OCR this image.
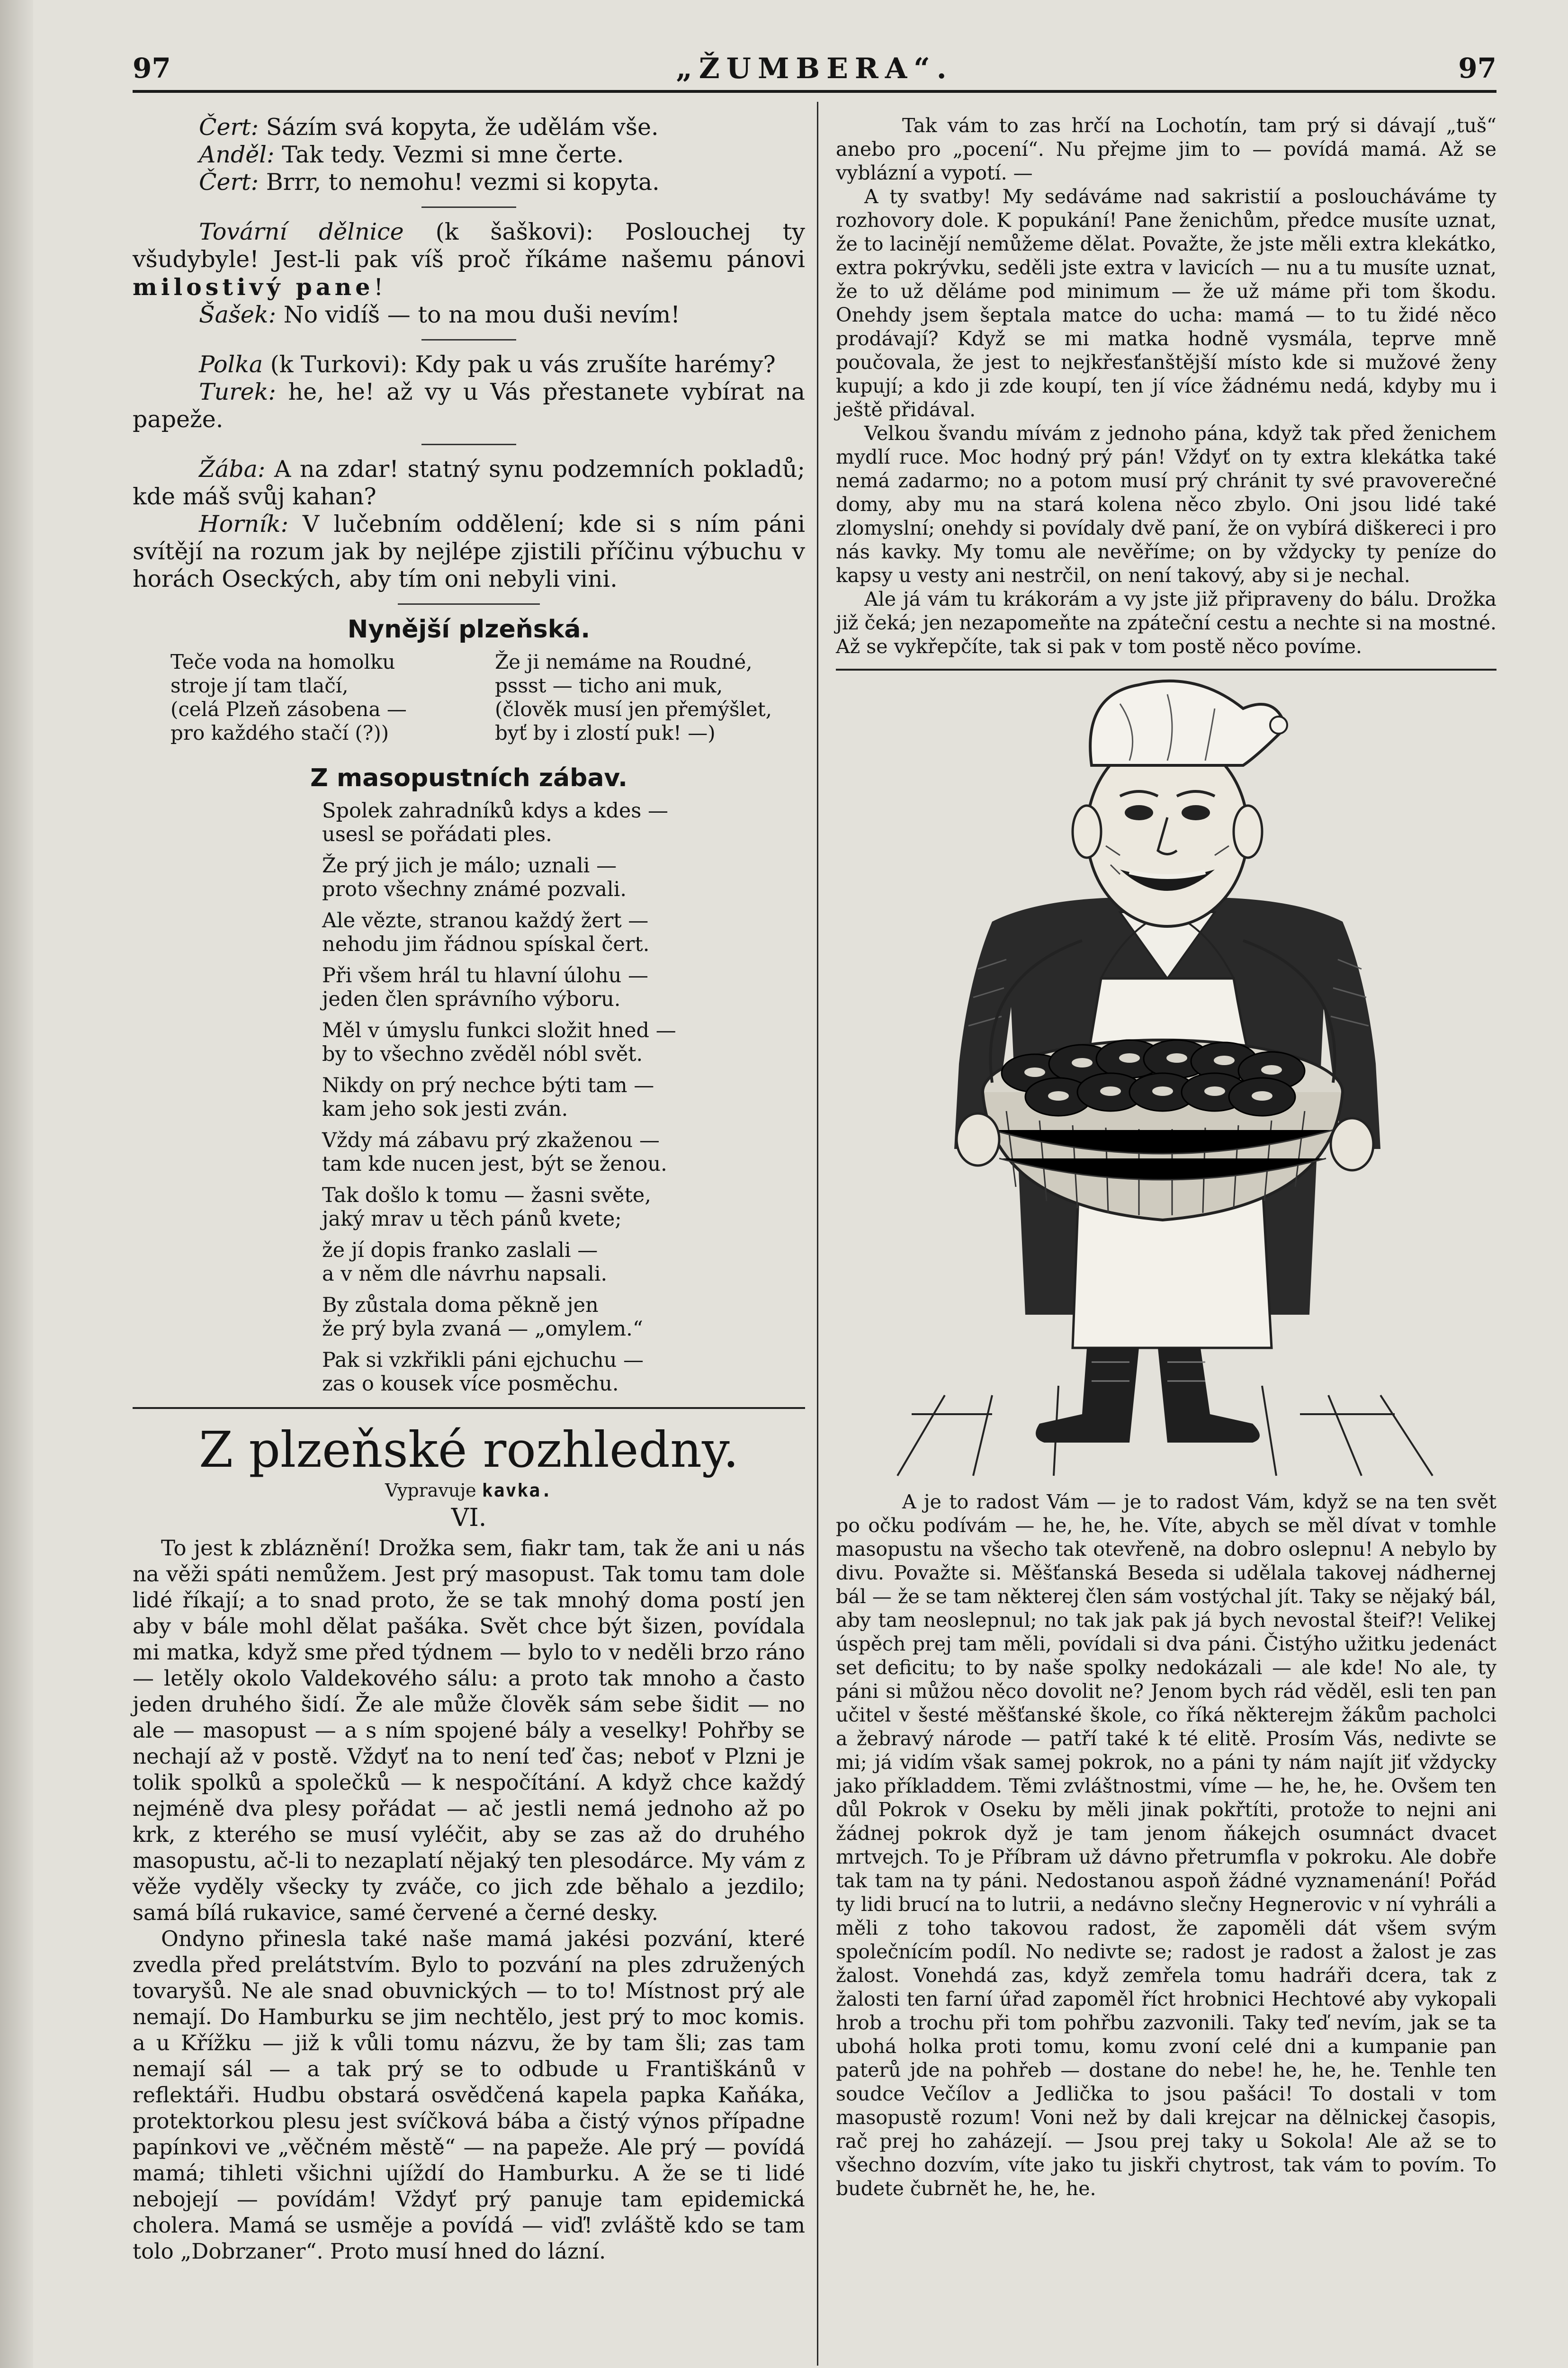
97	„ŽUMBERA“.	97

Čert: Sázím svá kopyta, že udělám vše.

Anděl: Tak tedy. Vezmi si mne čerte.

Čert: Brrr, to nemohu! vezmi si kopyta.

Tovární dělnice (k šaškovi): Poslouchej ty všudybyle! Jest-li pak víš proč říkáme našemu pánovi milostivý pane!

Šašek: No vidíš — to na mou duši nevím!

Polka (k Turkovi): Kdy pak u vás zrušíte harémy?

Turek: he, he! až vy u Vás přestanete vybírat na papeže.

Žába: A na zdar! statný synu podzemních pokladů; kde máš svůj kahan?

Horník: V lučebním oddělení; kde si s ním páni svítějí na rozum jak by nejlépe zjistili příčinu výbuchu v horách Oseckých, aby tím oni nebyli vini.

Nynější plzeňská.
Teče voda na homolku
stroje jí tam tlačí,
(celá Plzeň zásobena —
pro každého stačí (?))
Že ji nemáme na Roudné,
pssst — ticho ani muk,
(člověk musí jen přemýšlet,
byť by i zlostí puk! —)
Z masopustních zábav.
Spolek zahradníků kdys a kdes —
usesl se pořádati ples.
Že prý jich je málo; uznali —
proto všechny známé pozvali.
Ale vězte, stranou každý žert —
nehodu jim řádnou spískal čert.
Při všem hrál tu hlavní úlohu —
jeden člen správního výboru.
Měl v úmyslu funkci složit hned —
by to všechno zvěděl nóbl svět.
Nikdy on prý nechce býti tam —
kam jeho sok jesti zván.
Vždy má zábavu prý zkaženou —
tam kde nucen jest, být se ženou.
Tak došlo k tomu — žasni světe,
jaký mrav u těch pánů kvete;
že jí dopis franko zaslali —
a v něm dle návrhu napsali.
By zůstala doma pěkně jen
že prý byla zvaná — „omylem.“
Pak si vzkřikli páni ejchuchu —
zas o kousek více posměchu.
Z plzeňské rozhledny.
Vypravuje kavka.
VI.

To jest k zbláznění! Drožka sem, fiakr tam, tak že ani u nás na věži spáti nemůžem. Jest prý masopust. Tak tomu tam dole lidé říkají; a to snad proto, že se tak mnohý doma postí jen aby v bále mohl dělat pašáka. Svět chce být šizen, povídala mi matka, když sme před týdnem — bylo to v neděli brzo ráno — letěly okolo Valdekového sálu: a proto tak mnoho a často jeden druhého šidí. Že ale může člověk sám sebe šidit — no ale — masopust — a s ním spojené bály a veselky! Pohřby se nechají až v postě. Vždyť na to není teď čas; neboť v Plzni je tolik spolků a společků — k nespočítání. A když chce každý nejméně dva plesy pořádat — ač jestli nemá jednoho až po krk, z kterého se musí vyléčit, aby se zas až do druhého masopustu, ač-li to nezaplatí nějaký ten plesodárce. My vám z věže vyděly všecky ty zváče, co jich zde běhalo a jezdilo; samá bílá rukavice, samé červené a černé desky.

Ondyno přinesla také naše mamá jakési pozvání, které zvedla před prelátstvím. Bylo to pozvání na ples združených tovaryšů. Ne ale snad obuvnických — to to! Místnost prý ale nemají. Do Hamburku se jim nechtělo, jest prý to moc komis. a u Křížku — již k vůli tomu názvu, že by tam šli; zas tam nemají sál — a tak prý se to odbude u Františkánů v reflektáři. Hudbu obstará osvědčená kapela papka Kaňáka, protektorkou plesu jest svíčková bába a čistý výnos případne papínkovi ve „věčném městě“ — na papeže. Ale prý — povídá mamá; tihleti všichni ujíždí do Hamburku. A že se ti lidé nebojejí — povídám! Vždyť prý panuje tam epidemická cholera. Mamá se usměje a povídá — viď! zvláště kdo se tam tolo „Dobrzaner“. Proto musí hned do lázní.

Tak vám to zas hrčí na Lochotín, tam prý si dávají „tuš“ anebo pro „pocení“. Nu přejme jim to — povídá mamá. Až se vyblázní a vypotí. —

A ty svatby! My sedáváme nad sakristií a posloucháváme ty rozhovory dole. K popukání! Pane ženichům, předce musíte uznat, že to lacinějí nemůžeme dělat. Považte, že jste měli extra klekátko, extra pokrývku, seděli jste extra v lavicích — nu a tu musíte uznat, že to už děláme pod minimum — že už máme při tom škodu. Onehdy jsem šeptala matce do ucha: mamá — to tu židé něco prodávají? Když se mi matka hodně vysmála, teprve mně poučovala, že jest to nejkřesťanštější místo kde si mužové ženy kupují; a kdo ji zde koupí, ten jí více žádnému nedá, kdyby mu i ještě přidával.

Velkou švandu mívám z jednoho pána, když tak před ženichem mydlí ruce. Moc hodný prý pán! Vždyť on ty extra klekátka také nemá zadarmo; no a potom musí prý chránit ty své pravoverečné domy, aby mu na stará kolena něco zbylo. Oni jsou lidé také zlomyslní; onehdy si povídaly dvě paní, že on vybírá diškereci i pro nás kavky. My tomu ale nevěříme; on by vždycky ty peníze do kapsy u vesty ani nestrčil, on není takový, aby si je nechal.

Ale já vám tu krákorám a vy jste již připraveny do bálu. Drožka již čeká; jen nezapomeňte na zpáteční cestu a nechte si na mostné. Až se vykřepčíte, tak si pak v tom postě něco povíme.

A je to radost Vám — je to radost Vám, když se na ten svět po očku podívám — he, he, he. Víte, abych se měl dívat v tomhle masopustu na všecho tak otevřeně, na dobro oslepnu! A nebylo by divu. Považte si. Měšťanská Beseda si udělala takovej nádhernej bál — že se tam některej člen sám vostýchal jít. Taky se nějaký bál, aby tam neoslepnul; no tak jak pak já bych nevostal šteif?! Velikej úspěch prej tam měli, povídali si dva páni. Čistýho užitku jedenáct set deficitu; to by naše spolky nedokázali — ale kde! No ale, ty páni si můžou něco dovolit ne? Jenom bych rád věděl, esli ten pan učitel v šesté měšťanské škole, co říká některejm žákům pacholci a žebravý národe — patří také k té elitě. Prosím Vás, nedivte se mi; já vidím však samej pokrok, no a páni ty nám najít jiť vždycky jako příkladdem. Těmi zvláštnostmi, víme — he, he, he. Ovšem ten důl Pokrok v Oseku by měli jinak pokřtíti, protože to nejni ani žádnej pokrok dyž je tam jenom ňákejch osumnáct dvacet mrtvejch. To je Příbram už dávno přetrumfla v pokroku. Ale dobře tak tam na ty páni. Nedostanou aspoň žádné vyznamenání! Pořád ty lidi brucí na to lutrii, a nedávno slečny Hegnerovic v ní vyhráli a měli z toho takovou radost, že zapoměli dát všem svým společnícím podíl. No nedivte se; radost je radost a žalost je zas žalost. Vonehdá zas, když zemřela tomu hadráři dcera, tak z žalosti ten farní úřad zapoměl říct hrobnici Hechtové aby vykopali hrob a trochu při tom pohřbu zazvonili. Taky teď nevím, jak se ta ubohá holka proti tomu, komu zvoní celé dni a kumpanie pan paterů jde na pohřeb — dostane do nebe! he, he, he. Tenhle ten soudce Večílov a Jedlička to jsou pašáci! To dostali v tom masopustě rozum! Voni než by dali krejcar na dělnickej časopis, rač prej ho zaházejí. — Jsou prej taky u Sokola! Ale až se to všechno dozvím, víte jako tu jiskři chytrost, tak vám to povím. To budete čubrnět he, he, he.
